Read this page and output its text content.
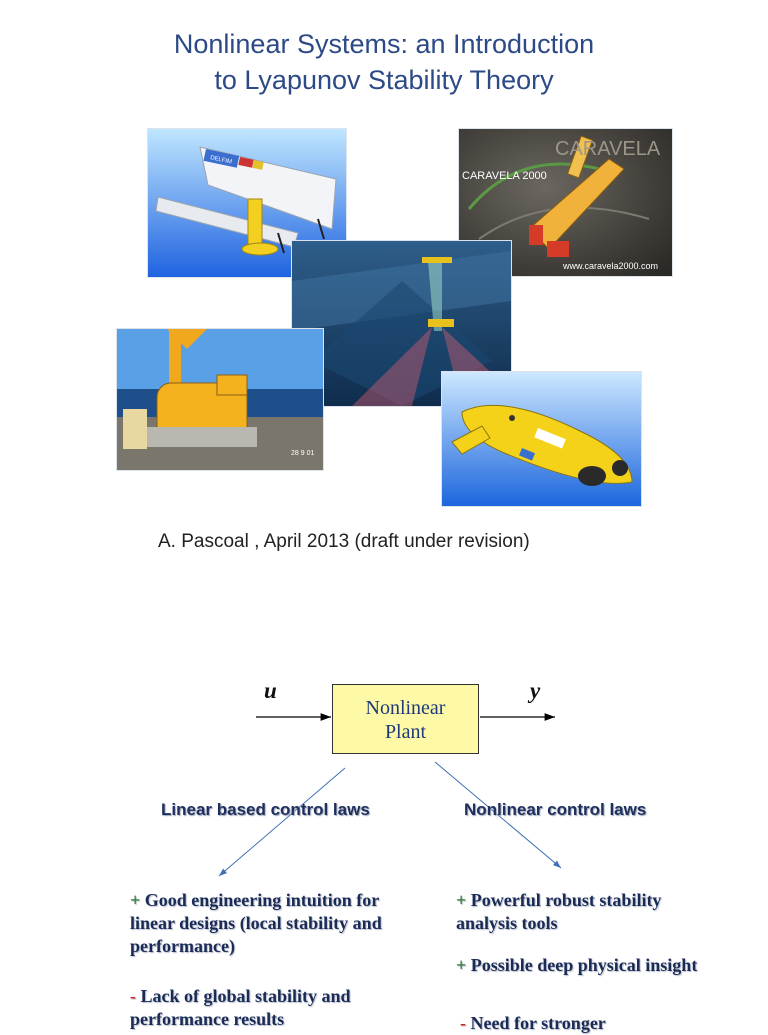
Nonlinear Systems: an Introduction
to Lyapunov Stability Theory
DELFIM
CARAVELA
CARAVELA 2000
www.caravela2000.com
28 9 01
A. Pascoal , April 2013 (draft under revision)
u	y
Nonlinear
Plant
Linear based control laws	Nonlinear control laws
+ Good engineering intuition for linear designs (local stability and performance)
- Lack of global stability and performance results
+ Powerful robust stability analysis tools
+ Possible deep physical insight
- Need for stronger
